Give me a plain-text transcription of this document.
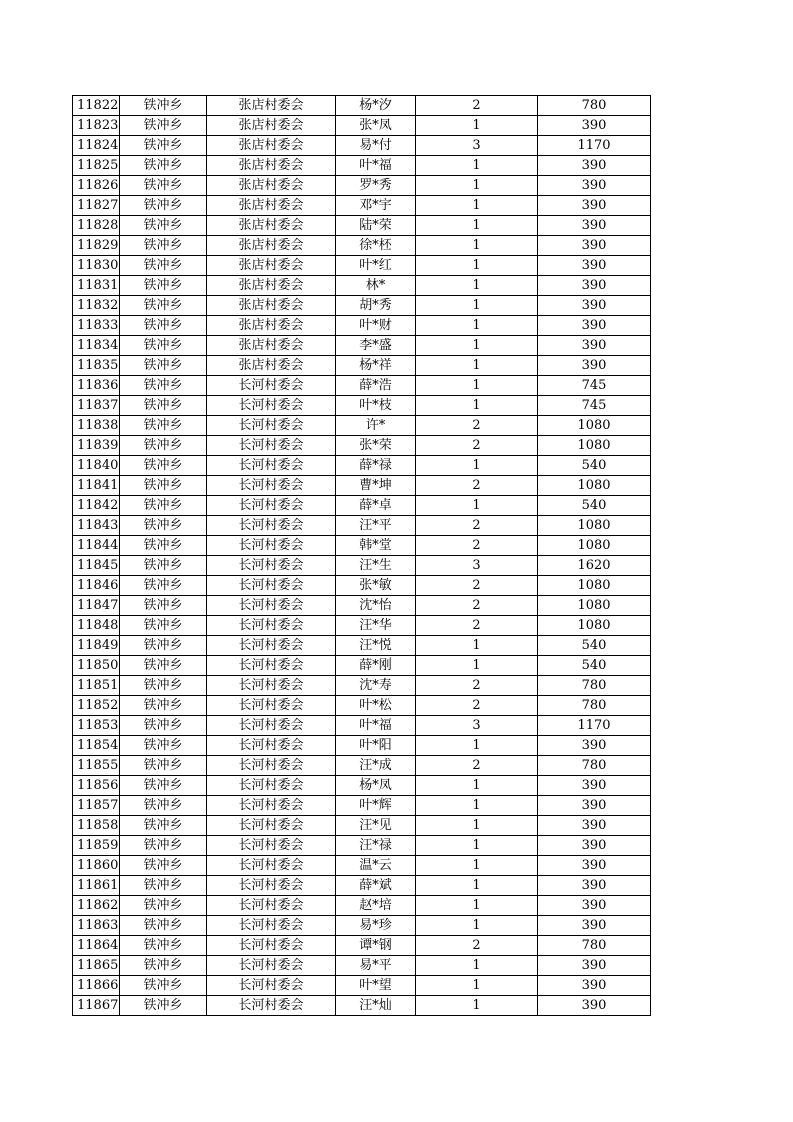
11822	铁冲乡	张店村委会	杨*汐	2	780
11823	铁冲乡	张店村委会	张*凤	1	390
11824	铁冲乡	张店村委会	易*付	3	1170
11825	铁冲乡	张店村委会	叶*福	1	390
11826	铁冲乡	张店村委会	罗*秀	1	390
11827	铁冲乡	张店村委会	邓*宇	1	390
11828	铁冲乡	张店村委会	陆*荣	1	390
11829	铁冲乡	张店村委会	徐*柸	1	390
11830	铁冲乡	张店村委会	叶*红	1	390
11831	铁冲乡	张店村委会	林*	1	390
11832	铁冲乡	张店村委会	胡*秀	1	390
11833	铁冲乡	张店村委会	叶*财	1	390
11834	铁冲乡	张店村委会	李*盛	1	390
11835	铁冲乡	张店村委会	杨*祥	1	390
11836	铁冲乡	长河村委会	薛*浩	1	745
11837	铁冲乡	长河村委会	叶*枝	1	745
11838	铁冲乡	长河村委会	许*	2	1080
11839	铁冲乡	长河村委会	张*荣	2	1080
11840	铁冲乡	长河村委会	薛*禄	1	540
11841	铁冲乡	长河村委会	曹*坤	2	1080
11842	铁冲乡	长河村委会	薛*卓	1	540
11843	铁冲乡	长河村委会	汪*平	2	1080
11844	铁冲乡	长河村委会	韩*堂	2	1080
11845	铁冲乡	长河村委会	汪*生	3	1620
11846	铁冲乡	长河村委会	张*敏	2	1080
11847	铁冲乡	长河村委会	沈*怡	2	1080
11848	铁冲乡	长河村委会	汪*华	2	1080
11849	铁冲乡	长河村委会	汪*悦	1	540
11850	铁冲乡	长河村委会	薛*刚	1	540
11851	铁冲乡	长河村委会	沈*寿	2	780
11852	铁冲乡	长河村委会	叶*松	2	780
11853	铁冲乡	长河村委会	叶*福	3	1170
11854	铁冲乡	长河村委会	叶*阳	1	390
11855	铁冲乡	长河村委会	汪*成	2	780
11856	铁冲乡	长河村委会	杨*凤	1	390
11857	铁冲乡	长河村委会	叶*辉	1	390
11858	铁冲乡	长河村委会	汪*见	1	390
11859	铁冲乡	长河村委会	汪*禄	1	390
11860	铁冲乡	长河村委会	温*云	1	390
11861	铁冲乡	长河村委会	薛*斌	1	390
11862	铁冲乡	长河村委会	赵*培	1	390
11863	铁冲乡	长河村委会	易*珍	1	390
11864	铁冲乡	长河村委会	谭*钢	2	780
11865	铁冲乡	长河村委会	易*平	1	390
11866	铁冲乡	长河村委会	叶*望	1	390
11867	铁冲乡	长河村委会	汪*灿	1	390
